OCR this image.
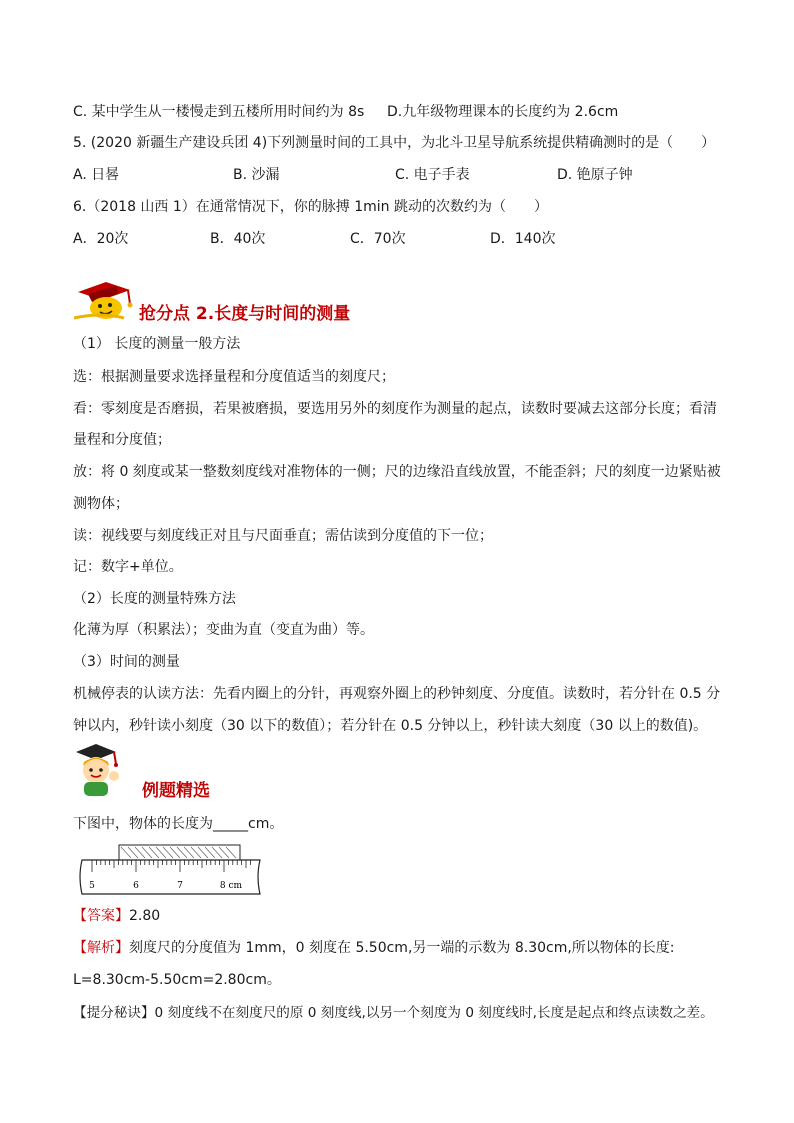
C. 某中学生从一楼慢走到五楼所用时间约为 8s D.九年级物理课本的长度约为 2.6cm
5. (2020 新疆生产建设兵团 4)下列测量时间的工具中，为北斗卫星导航系统提供精确测时的是（　　）
A. 日晷	B. 沙漏	C. 电子手表	D. 铯原子钟
6.（2018 山西 1）在通常情况下，你的脉搏 1min 跳动的次数约为（　　）
A．20次	B．40次	C．70次	D．140次
抢分点 2.长度与时间的测量
（1） 长度的测量一般方法
选：根据测量要求选择量程和分度值适当的刻度尺；
看：零刻度是否磨损，若果被磨损，要选用另外的刻度作为测量的起点，读数时要减去这部分长度；看清
量程和分度值；
放：将 0 刻度或某一整数刻度线对准物体的一侧；尺的边缘沿直线放置，不能歪斜；尺的刻度一边紧贴被
测物体；
读：视线要与刻度线正对且与尺面垂直；需估读到分度值的下一位；
记：数字+单位。
（2）长度的测量特殊方法
化薄为厚（积累法）；变曲为直（变直为曲）等。
（3）时间的测量
机械停表的认读方法：先看内圈上的分针，再观察外圈上的秒钟刻度、分度值。读数时，若分针在 0.5 分
钟以内，秒针读小刻度（30 以下的数值）；若分针在 0.5 分钟以上，秒针读大刻度（30 以上的数值)。
例题精选
下图中，物体的长度为_____cm。
5	6	7	8 cm
【答案】2.80
【解析】刻度尺的分度值为 1mm，0 刻度在 5.50cm,另一端的示数为 8.30cm,所以物体的长度:
L=8.30cm-5.50cm=2.80cm。
【提分秘诀】0 刻度线不在刻度尺的原 0 刻度线,以另一个刻度为 0 刻度线时,长度是起点和终点读数之差。
